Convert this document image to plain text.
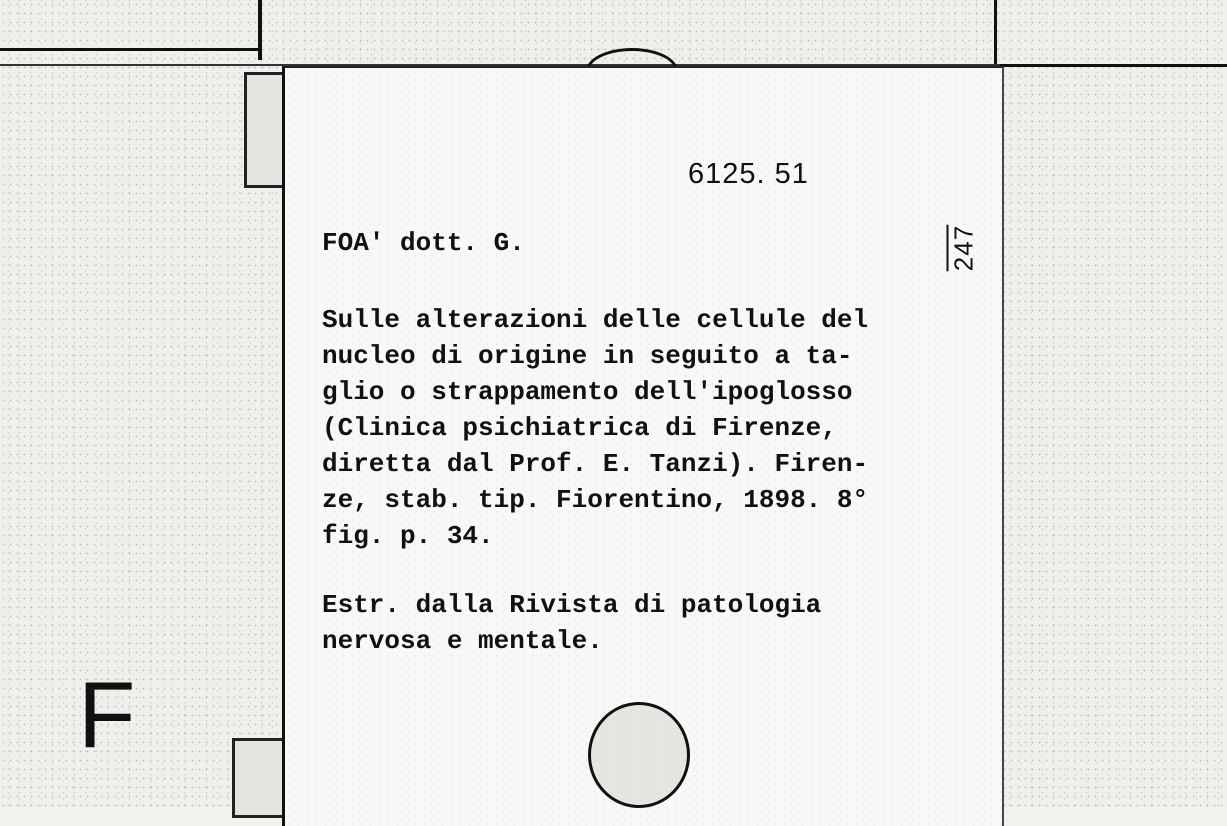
6125. 51
247
FOA' dott. G.
Sulle alterazioni delle cellule del
nucleo di origine in seguito a ta-
glio o strappamento dell'ipoglosso
(Clinica psichiatrica di Firenze,
diretta dal Prof. E. Tanzi). Firen-
ze, stab. tip. Fiorentino, 1898. 8°
fig. p. 34.
Estr. dalla Rivista di patologia
nervosa e mentale.
F
